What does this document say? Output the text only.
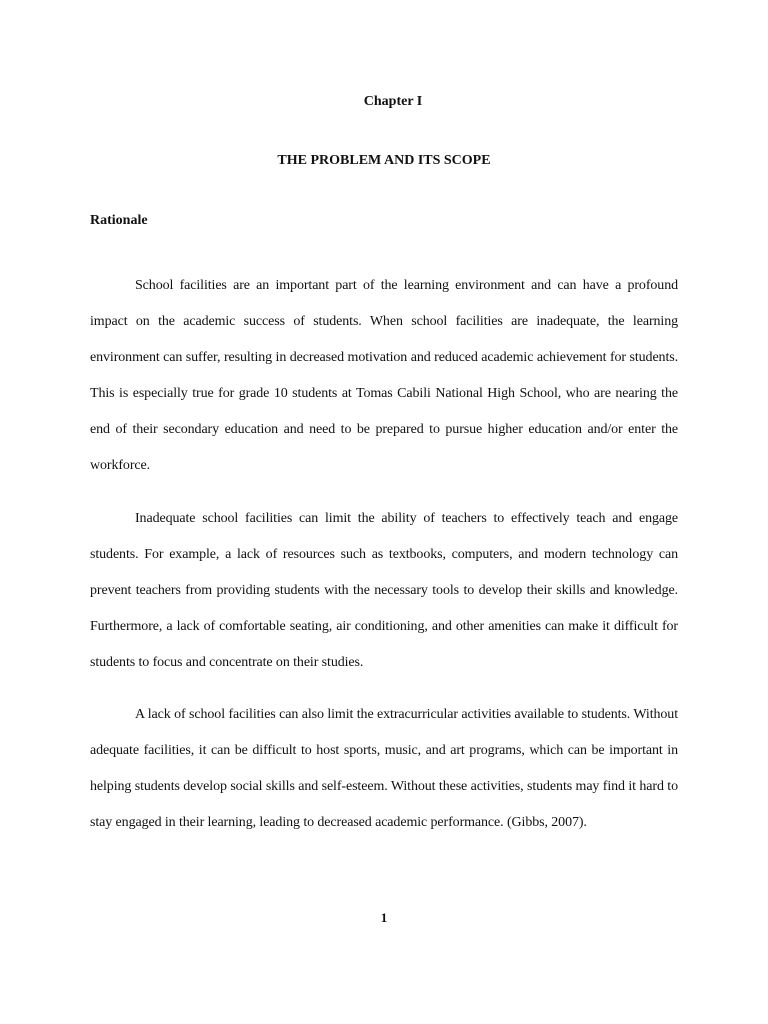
Chapter I
THE PROBLEM AND ITS SCOPE
Rationale

School facilities are an important part of the learning environment and can have a profound impact on the academic success of students. When school facilities are inadequate, the learning environment can suffer, resulting in decreased motivation and reduced academic achievement for students. This is especially true for grade 10 students at Tomas Cabili National High School, who are nearing the end of their secondary education and need to be prepared to pursue higher education and/or enter the workforce.

Inadequate school facilities can limit the ability of teachers to effectively teach and engage students. For example, a lack of resources such as textbooks, computers, and modern technology can prevent teachers from providing students with the necessary tools to develop their skills and knowledge. Furthermore, a lack of comfortable seating, air conditioning, and other amenities can make it difficult for students to focus and concentrate on their studies.

A lack of school facilities can also limit the extracurricular activities available to students. Without adequate facilities, it can be difficult to host sports, music, and art programs, which can be important in helping students develop social skills and self-esteem. Without these activities, students may find it hard to stay engaged in their learning, leading to decreased academic performance. (Gibbs, 2007).

1
